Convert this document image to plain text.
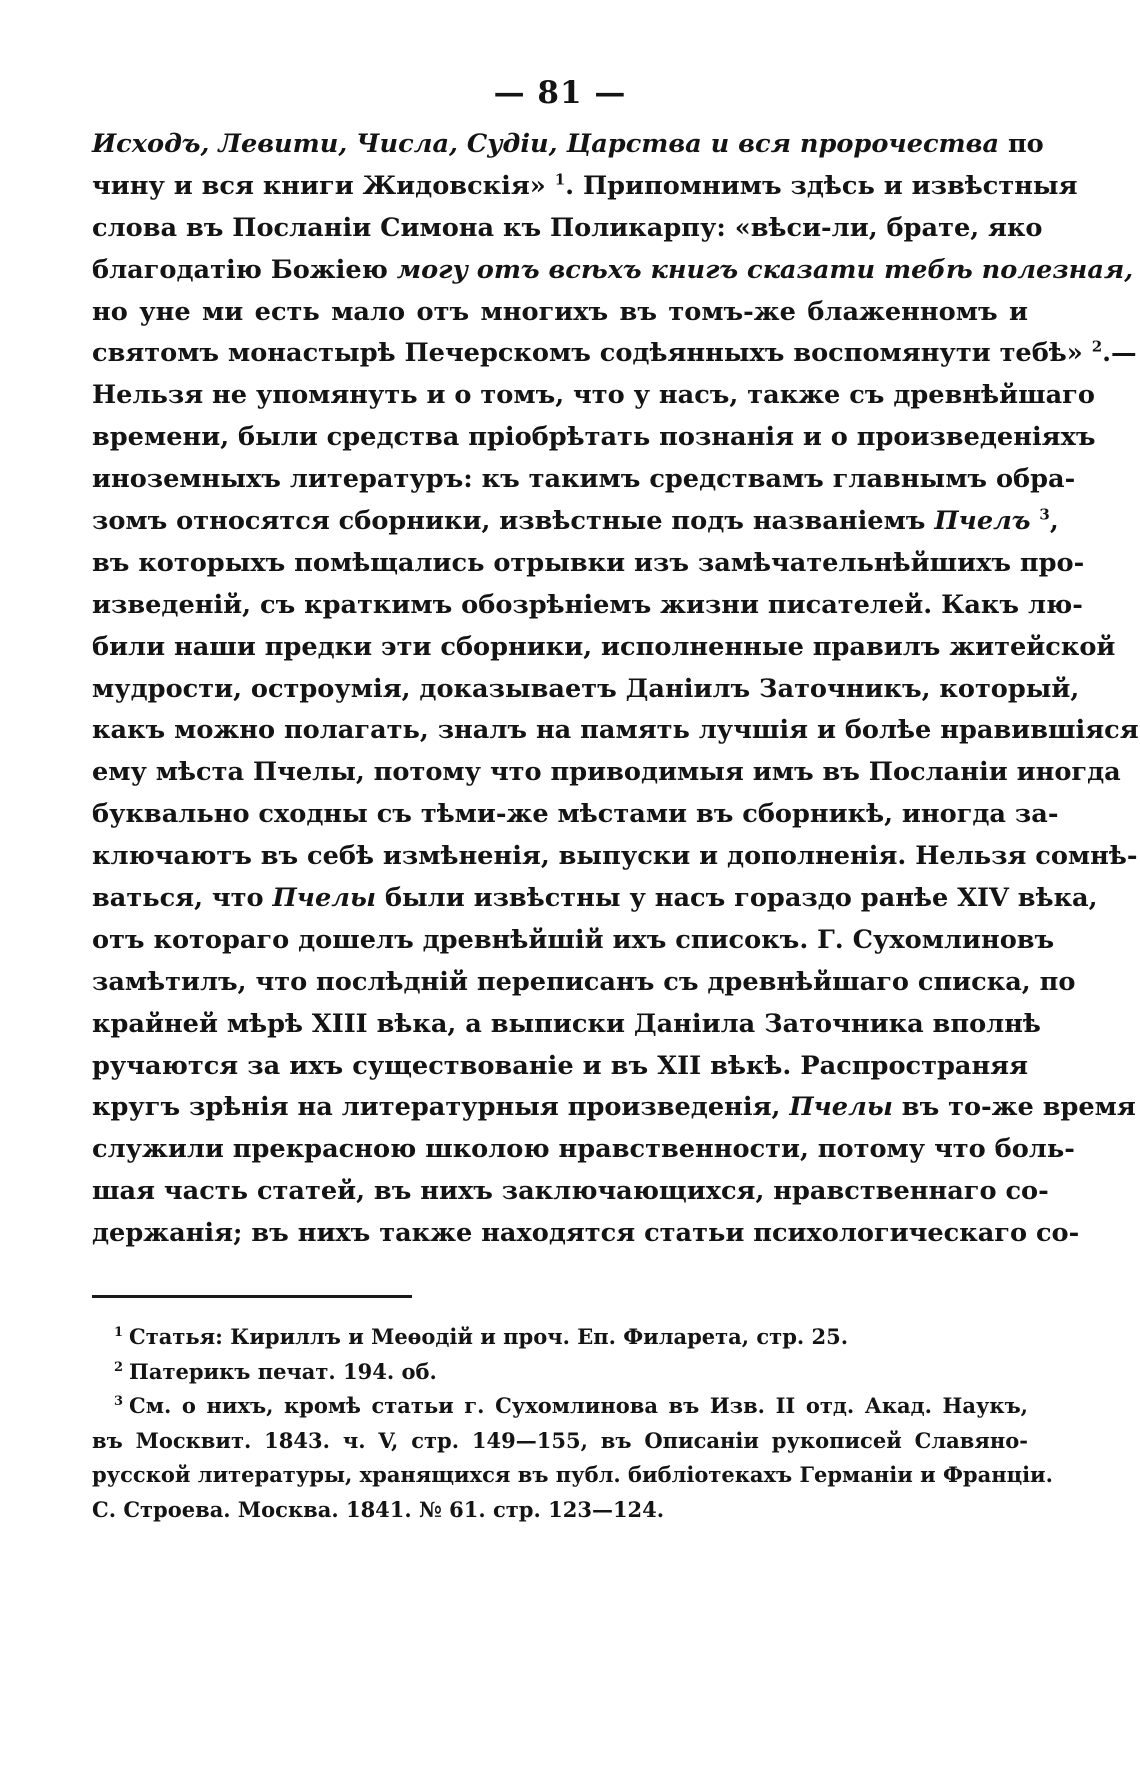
— 81 —
Исходъ, Левити, Числа, Судіи, Царства и вся пророчества по
чину и вся книги Жидовскія» $^1$. Припомнимъ здѣсь и извѣстныя
слова въ Посланіи Симона къ Поликарпу: «вѣси-ли, брате, яко
благодатію Божіею могу отъ всѣхъ книгъ сказати тебѣ полезная,
но уне ми есть мало отъ многихъ въ томъ-же блаженномъ и
святомъ монастырѣ Печерскомъ содѣянныхъ воспомянути тебѣ» $^2$.—
Нельзя не упомянуть и о томъ, что у насъ, также съ древнѣйшаго
времени, были средства пріобрѣтать познанія и о произведеніяхъ
иноземныхъ литературъ: къ такимъ средствамъ главнымъ обра-
зомъ относятся сборники, извѣстные подъ названіемъ Пчелъ $^3$,
въ которыхъ помѣщались отрывки изъ замѣчательнѣйшихъ про-
изведеній, съ краткимъ обозрѣніемъ жизни писателей. Какъ лю-
били наши предки эти сборники, исполненные правилъ житейской
мудрости, остроумія, доказываетъ Даніилъ Заточникъ, который,
какъ можно полагать, зналъ на память лучшія и болѣе нравившіяся
ему мѣста Пчелы, потому что приводимыя имъ въ Посланіи иногда
буквально сходны съ тѣми-же мѣстами въ сборникѣ, иногда за-
ключаютъ въ себѣ измѣненія, выпуски и дополненія. Нельзя сомнѣ-
ваться, что Пчелы были извѣстны у насъ гораздо ранѣе XIV вѣка,
отъ котораго дошелъ древнѣйшій ихъ списокъ. Г. Сухомлиновъ
замѣтилъ, что послѣдній переписанъ съ древнѣйшаго списка, по
крайней мѣрѣ XIII вѣка, а выписки Даніила Заточника вполнѣ
ручаются за ихъ существованіе и въ XII вѣкѣ. Распространяя
кругъ зрѣнія на литературныя произведенія, Пчелы въ то-же время
служили прекрасною школою нравственности, потому что боль-
шая часть статей, въ нихъ заключающихся, нравственнаго со-
держанія; въ нихъ также находятся статьи психологическаго со-
$^1$ Статья: Кириллъ и Меѳодій и проч. Еп. Филарета, стр. 25.
$^2$ Патерикъ печат. 194. об.
$^3$ См. о нихъ, кромѣ статьи г. Сухомлинова въ Изв. II отд. Акад. Наукъ,
въ Москвит. 1843. ч. V, стр. 149—155, въ Описаніи рукописей Славяно-
русской литературы, хранящихся въ публ. библіотекахъ Германіи и Франціи.
С. Строева. Москва. 1841. № 61. стр. 123—124.
